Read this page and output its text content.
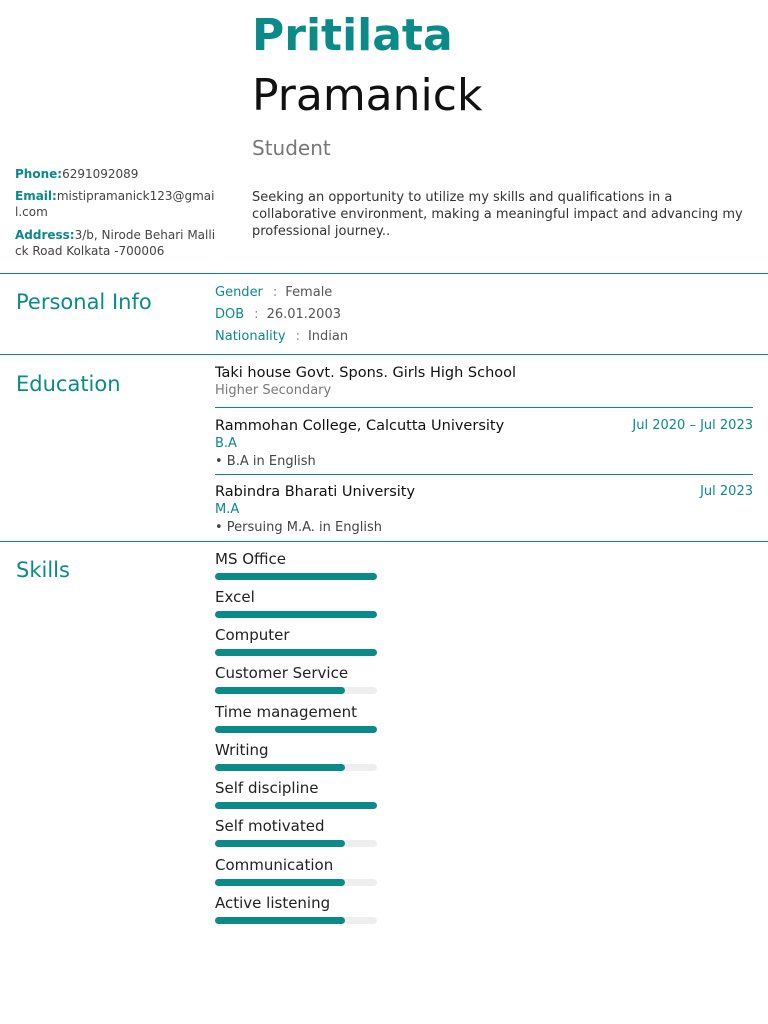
Pritilata
Pramanick
Student
Seeking an opportunity to utilize my skills and qualifications in a collaborative environment, making a meaningful impact and advancing my professional journey..
Phone:6291092089
Email:mistipramanick123@gmail.com
Address:3/b, Nirode Behari Mallick Road Kolkata -700006
Personal Info	Gender : Female
DOB : 26.01.2003
Nationality : Indian
Education	Taki house Govt. Spons. Girls High School
Higher Secondary
Rammohan College, Calcutta University	Jul 2020 – Jul 2023
B.A
• B.A in English
Rabindra Bharati University	Jul 2023
M.A
• Persuing M.A. in English
Skills	MS Office
Excel
Computer
Customer Service
Time management
Writing
Self discipline
Self motivated
Communication
Active listening
